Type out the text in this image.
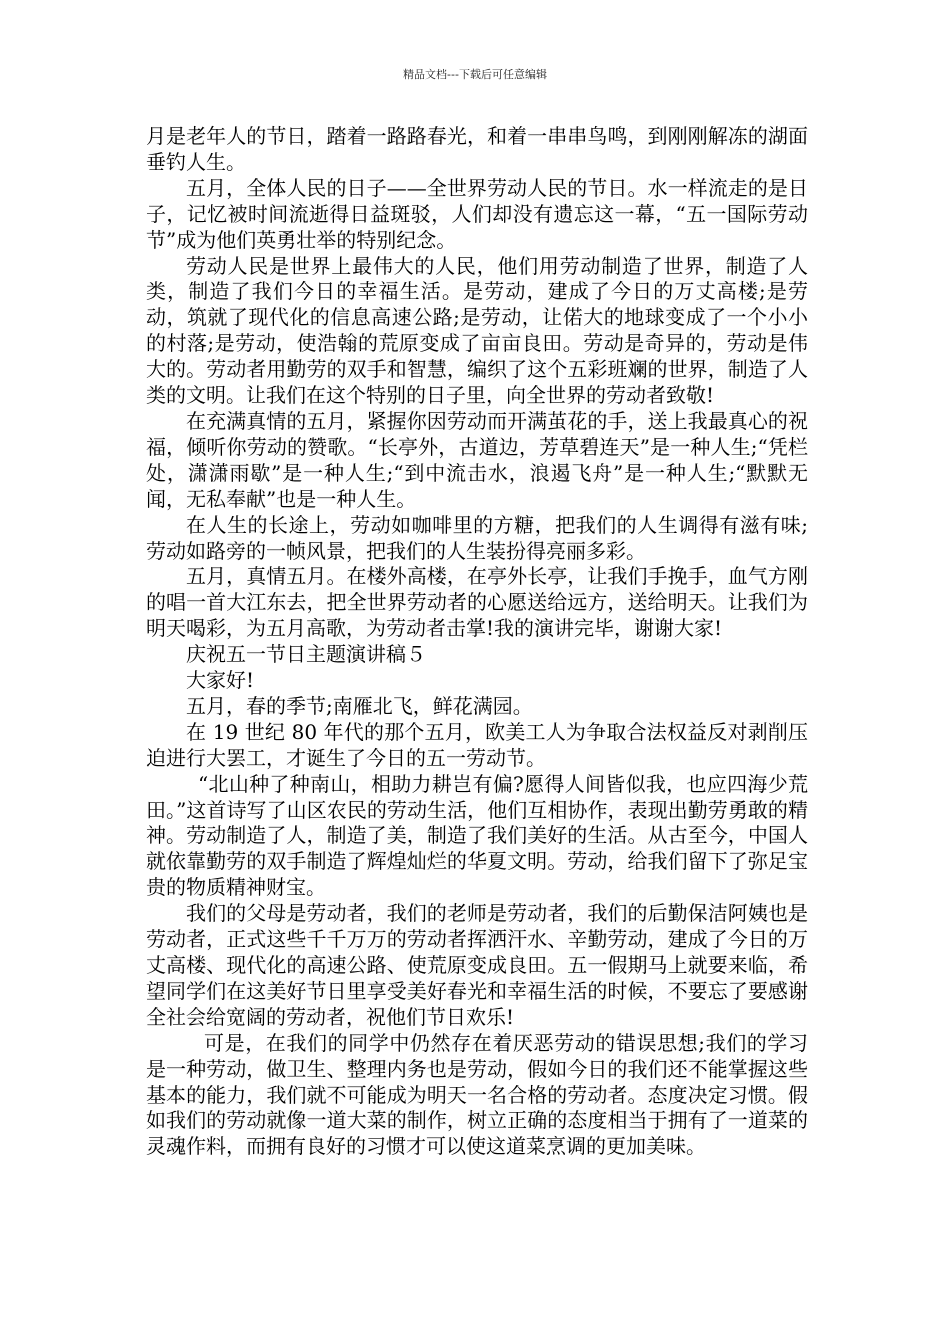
精品文档---下载后可任意编辑

月是老年人的节日，踏着一路路春光，和着一串串鸟鸣，到刚刚解冻的湖面垂钓人生。

五月，全体人民的日子——全世界劳动人民的节日。水一样流走的是日子，记忆被时间流逝得日益斑驳，人们却没有遗忘这一幕，“五一国际劳动节”成为他们英勇壮举的特别纪念。

劳动人民是世界上最伟大的人民，他们用劳动制造了世界，制造了人类，制造了我们今日的幸福生活。是劳动，建成了今日的万丈高楼;是劳动，筑就了现代化的信息高速公路;是劳动，让偌大的地球变成了一个小小的村落;是劳动，使浩翰的荒原变成了亩亩良田。劳动是奇异的，劳动是伟大的。劳动者用勤劳的双手和智慧，编织了这个五彩班斓的世界，制造了人类的文明。让我们在这个特别的日子里，向全世界的劳动者致敬!

在充满真情的五月，紧握你因劳动而开满茧花的手，送上我最真心的祝福，倾听你劳动的赞歌。“长亭外，古道边，芳草碧连天”是一种人生;“凭栏处，潇潇雨歇”是一种人生;“到中流击水，浪遏飞舟”是一种人生;“默默无闻，无私奉献”也是一种人生。

在人生的长途上，劳动如咖啡里的方糖，把我们的人生调得有滋有味;劳动如路旁的一帧风景，把我们的人生装扮得亮丽多彩。

五月，真情五月。在楼外高楼，在亭外长亭，让我们手挽手，血气方刚的唱一首大江东去，把全世界劳动者的心愿送给远方，送给明天。让我们为明天喝彩，为五月高歌，为劳动者击掌!我的演讲完毕，谢谢大家!

庆祝五一节日主题演讲稿５

大家好!

五月，春的季节;南雁北飞，鲜花满园。

在 19 世纪 80 年代的那个五月，欧美工人为争取合法权益反对剥削压迫进行大罢工，才诞生了今日的五一劳动节。

“北山种了种南山，相助力耕岂有偏?愿得人间皆似我，也应四海少荒田。”这首诗写了山区农民的劳动生活，他们互相协作，表现出勤劳勇敢的精神。劳动制造了人，制造了美，制造了我们美好的生活。从古至今，中国人就依靠勤劳的双手制造了辉煌灿烂的华夏文明。劳动，给我们留下了弥足宝贵的物质精神财宝。

我们的父母是劳动者，我们的老师是劳动者，我们的后勤保洁阿姨也是劳动者，正式这些千千万万的劳动者挥洒汗水、辛勤劳动，建成了今日的万丈高楼、现代化的高速公路、使荒原变成良田。五一假期马上就要来临，希望同学们在这美好节日里享受美好春光和幸福生活的时候，不要忘了要感谢全社会给宽阔的劳动者，祝他们节日欢乐!

可是，在我们的同学中仍然存在着厌恶劳动的错误思想;我们的学习是一种劳动，做卫生、整理内务也是劳动，假如今日的我们还不能掌握这些基本的能力，我们就不可能成为明天一名合格的劳动者。态度决定习惯。假如我们的劳动就像一道大菜的制作，树立正确的态度相当于拥有了一道菜的灵魂作料，而拥有良好的习惯才可以使这道菜烹调的更加美味。
